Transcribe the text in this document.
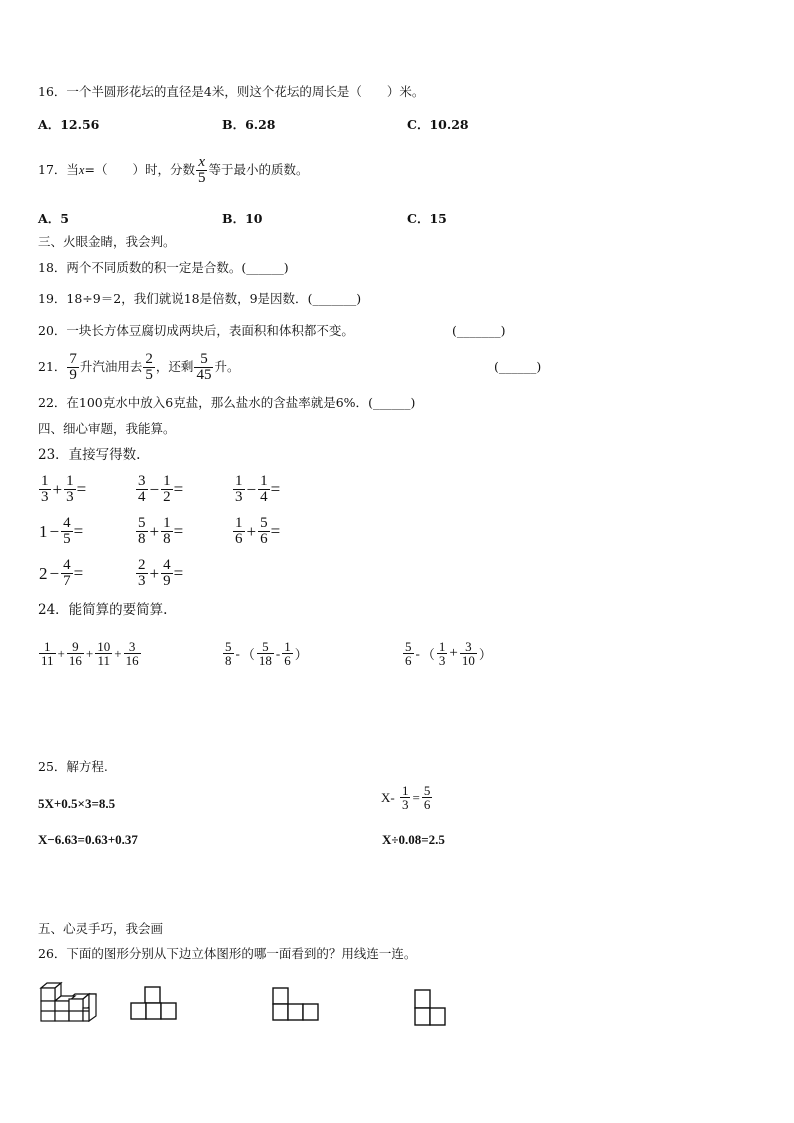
16．一个半圆形花坛的直径是4米，则这个花坛的周长是（　　）米。
A．12.56	B．6.28	C．10.28
17．当x=（　　）时，分数 $\frac{x}{5}$ 等于最小的质数。
A．5	B．10	C．15
三、火眼金睛，我会判。
18．两个不同质数的积一定是合数。(______)
19．18÷9＝2，我们就说18是倍数，9是因数．(_______)
20．一块长方体豆腐切成两块后，表面积和体积都不变。	(_______)
21． $\frac{7}{9}$ 升汽油用去 $\frac{2}{5}$ ，还剩 $\frac{5}{45}$ 升。	(______)
22．在100克水中放入6克盐，那么盐水的含盐率就是6%．(______)
四、细心审题，我能算。
23．直接写得数.
$\frac{1}{3} + \frac{1}{3}$ =	$\frac{3}{4} - \frac{1}{2}$ =	$\frac{1}{3} - \frac{1}{4}$ =
$1 - \frac{4}{5}$ =	$\frac{5}{8} + \frac{1}{8}$ =	$\frac{1}{6} + \frac{5}{6}$ =
$2 - \frac{4}{7}$ =	$\frac{2}{3} + \frac{4}{9}$ =
24．能简算的要简算.
$\frac{1}{11} + \frac{9}{16} + \frac{10}{11} + \frac{3}{16}$	$\frac{5}{8}$ - （ $\frac{5}{18} - \frac{1}{6}$ ）	$\frac{5}{6}$ - （ $\frac{1}{3} + \frac{3}{10}$ ）
25．解方程.
5X+0.5×3=8.5	$X- \frac{1}{3} = \frac{5}{6}$
X−6.63=0.63+0.37	X÷0.08=2.5
五、心灵手巧，我会画
26．下面的图形分别从下边立体图形的哪一面看到的？用线连一连。
